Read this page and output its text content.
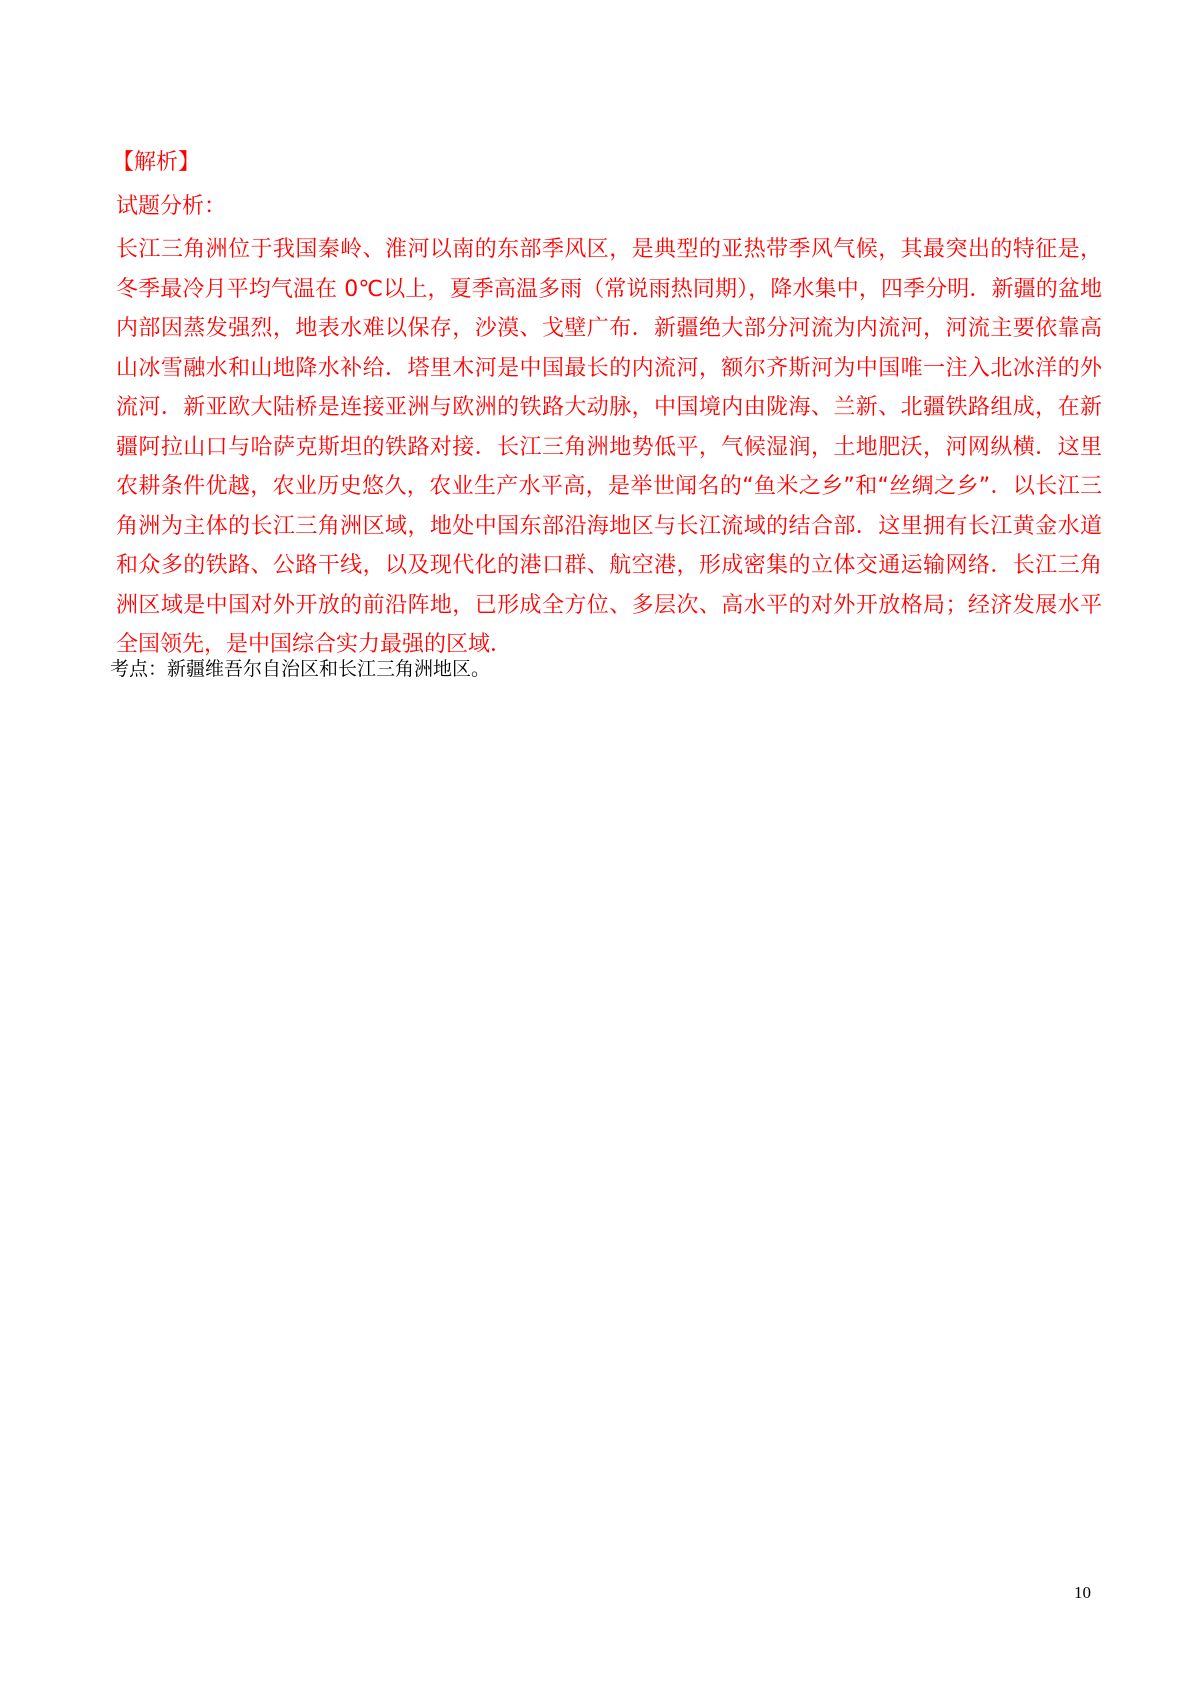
【解析】
试题分析：

长江三角洲位于我国秦岭、淮河以南的东部季风区，是典型的亚热带季风气候，其最突出的特征是，冬季最冷月平均气温在 0℃以上，夏季高温多雨（常说雨热同期），降水集中，四季分明．新疆的盆地内部因蒸发强烈，地表水难以保存，沙漠、戈壁广布．新疆绝大部分河流为内流河，河流主要依靠高山冰雪融水和山地降水补给．塔里木河是中国最长的内流河，额尔齐斯河为中国唯一注入北冰洋的外流河．新亚欧大陆桥是连接亚洲与欧洲的铁路大动脉，中国境内由陇海、兰新、北疆铁路组成，在新疆阿拉山口与哈萨克斯坦的铁路对接．长江三角洲地势低平，气候湿润，土地肥沃，河网纵横．这里农耕条件优越，农业历史悠久，农业生产水平高，是举世闻名的“鱼米之乡”和“丝绸之乡”．以长江三角洲为主体的长江三角洲区域，地处中国东部沿海地区与长江流域的结合部．这里拥有长江黄金水道和众多的铁路、公路干线，以及现代化的港口群、航空港，形成密集的立体交通运输网络．长江三角洲区域是中国对外开放的前沿阵地，已形成全方位、多层次、高水平的对外开放格局；经济发展水平全国领先，是中国综合实力最强的区域．

考点：新疆维吾尔自治区和长江三角洲地区。
10
